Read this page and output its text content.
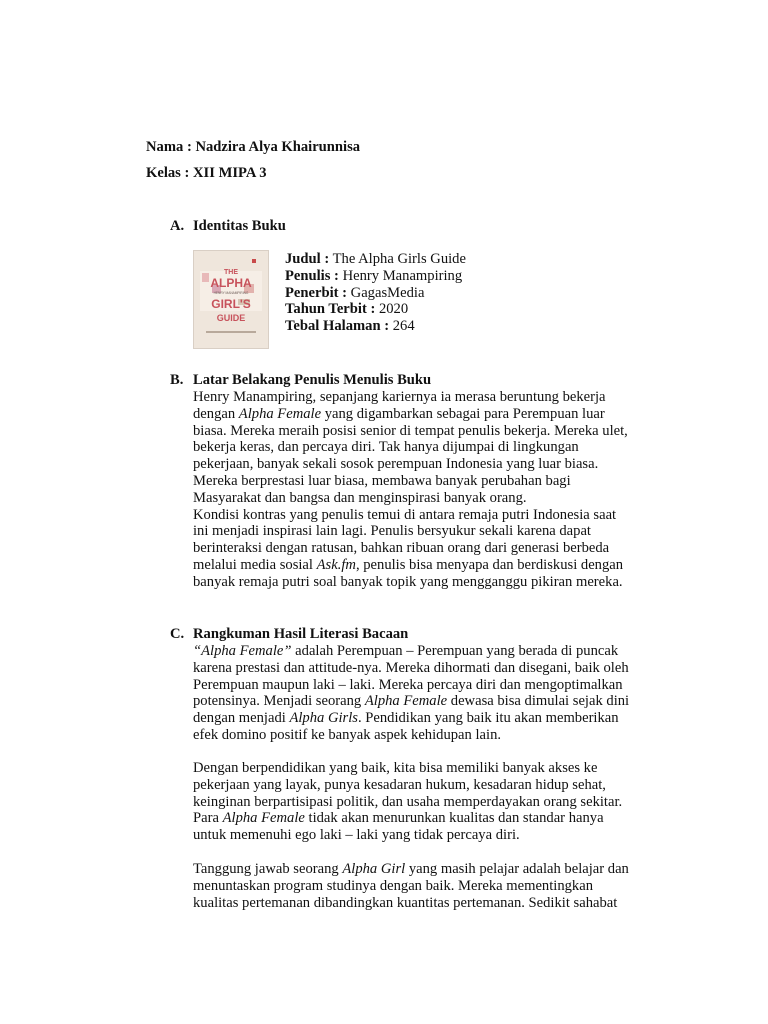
Nama : Nadzira Alya Khairunnisa
Kelas : XII MIPA 3
A. Identitas Buku
THE
ALPHA
GIRL'S
GUIDE
HENRY MANAMPIRING
Judul : The Alpha Girls Guide
Penulis : Henry Manampiring
Penerbit : GagasMedia
Tahun Terbit : 2020
Tebal Halaman : 264
B. Latar Belakang Penulis Menulis Buku
Henry Manampiring, sepanjang kariernya ia merasa beruntung bekerja
dengan Alpha Female yang digambarkan sebagai para Perempuan luar
biasa. Mereka meraih posisi senior di tempat penulis bekerja. Mereka ulet,
bekerja keras, dan percaya diri. Tak hanya dijumpai di lingkungan
pekerjaan, banyak sekali sosok perempuan Indonesia yang luar biasa.
Mereka berprestasi luar biasa, membawa banyak perubahan bagi
Masyarakat dan bangsa dan menginspirasi banyak orang.
Kondisi kontras yang penulis temui di antara remaja putri Indonesia saat
ini menjadi inspirasi lain lagi. Penulis bersyukur sekali karena dapat
berinteraksi dengan ratusan, bahkan ribuan orang dari generasi berbeda
melalui media sosial Ask.fm, penulis bisa menyapa dan berdiskusi dengan
banyak remaja putri soal banyak topik yang mengganggu pikiran mereka.
C. Rangkuman Hasil Literasi Bacaan
“Alpha Female” adalah Perempuan – Perempuan yang berada di puncak
karena prestasi dan attitude-nya. Mereka dihormati dan disegani, baik oleh
Perempuan maupun laki – laki. Mereka percaya diri dan mengoptimalkan
potensinya. Menjadi seorang Alpha Female dewasa bisa dimulai sejak dini
dengan menjadi Alpha Girls. Pendidikan yang baik itu akan memberikan
efek domino positif ke banyak aspek kehidupan lain.
Dengan berpendidikan yang baik, kita bisa memiliki banyak akses ke
pekerjaan yang layak, punya kesadaran hukum, kesadaran hidup sehat,
keinginan berpartisipasi politik, dan usaha memperdayakan orang sekitar.
Para Alpha Female tidak akan menurunkan kualitas dan standar hanya
untuk memenuhi ego laki – laki yang tidak percaya diri.
Tanggung jawab seorang Alpha Girl yang masih pelajar adalah belajar dan
menuntaskan program studinya dengan baik. Mereka mementingkan
kualitas pertemanan dibandingkan kuantitas pertemanan. Sedikit sahabat
